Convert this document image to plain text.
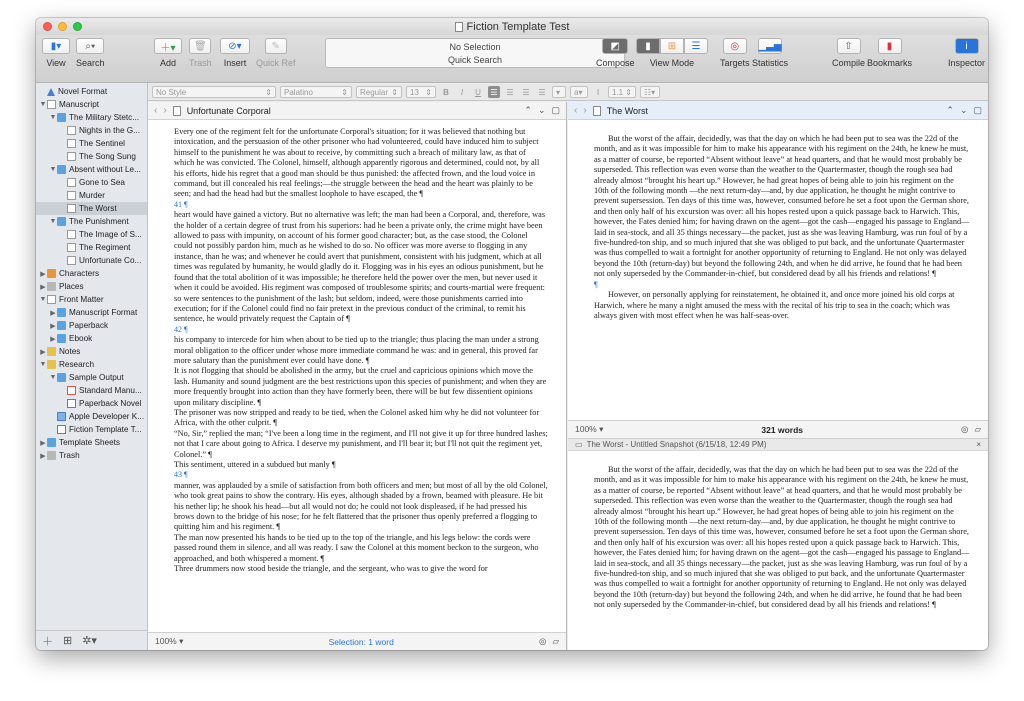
Fiction Template Test
▮▾
View
⌕▾
Search
＋▾
Add
🗑
Trash
⊘▾
Insert
✎
Quick Ref
No Selection
Quick Search
◩
Compose
▮ ⊞ ☰
View Mode
◎
Targets
▁▃▅
Statistics
⇧
Compile
▮
Bookmarks
i
Inspector
No Style	⇕ Palatino	⇕ Regular ⇕ 13 ⇕	B	I	U	☰ ☰ ☰ ☰ ▾ a▾	Ⅰ	1.1 ⇕ ☷▾
Novel Format
▼ Manuscript
▼ The Military Stetc...
Nights in the G...
The Sentinel
The Song Sung
▼ Absent without Le...
Gone to Sea
Murder
The Worst
▼ The Punishment
The Image of S...
The Regiment
Unfortunate Co...
▶ Characters
▶ Places
▼ Front Matter
▶ Manuscript Format
▶ Paperback
▶ Ebook
▶ Notes
▼ Research
▼ Sample Output
Standard Manu...
Paperback Novel
Apple Developer K...
Fiction Template T...
▶ Template Sheets
▶ Trash
＋ ⊞ ✲▾
‹ › Unfortunate Corporal	⌃ ⌄ ▢

Every one of the regiment felt for the unfortunate Corporal's situation; for it was believed that nothing but intoxication, and the persuasion of the other prisoner who had volunteered, could have induced him to subject himself to the punishment he was about to receive, by committing such a breach of military law, as that of which he was convicted. The Colonel, himself, although apparently rigorous and determined, could not, by all his efforts, hide his regret that a good man should be thus punished: the affected frown, and the loud voice in command, but ill concealed his real feelings;—the struggle between the head and the heart was plainly to be seen; and had the head had but the smallest loophole to have escaped, the ¶

41 ¶

heart would have gained a victory. But no alternative was left; the man had been a Corporal, and, therefore, was the holder of a certain degree of trust from his superiors: had he been a private only, the crime might have been allowed to pass with impunity, on account of his former good character; but, as the case stood, the Colonel could not possibly pardon him, much as he wished to do so. No officer was more averse to flogging in any instance, than he was; and whenever he could avert that punishment, consistent with his judgment, which at all times was regulated by humanity, he would gladly do it. Flogging was in his eyes an odious punishment, but he found that the total abolition of it was impossible; he therefore held the power over the men, but never used it when it could be avoided. His regiment was composed of troublesome spirits; and courts-martial were frequent: so were sentences to the punishment of the lash; but seldom, indeed, were those punishments carried into execution; for if the Colonel could find no fair pretext in the previous conduct of the criminal, to remit his sentence, he would privately request the Captain of ¶

42 ¶

his company to intercede for him when about to be tied up to the triangle; thus placing the man under a strong moral obligation to the officer under whose more immediate command he was: and in general, this proved far more salutary than the punishment ever could have done. ¶

It is not flogging that should be abolished in the army, but the cruel and capricious opinions which move the lash. Humanity and sound judgment are the best restrictions upon this species of punishment; and when they are more frequently brought into action than they have formerly been, there will be but few dissentient opinions upon military discipline. ¶

The prisoner was now stripped and ready to be tied, when the Colonel asked him why he did not volunteer for Africa, with the other culprit. ¶

“No, Sir,” replied the man; “I've been a long time in the regiment, and I'll not give it up for three hundred lashes; not that I care about going to Africa. I deserve my punishment, and I'll bear it; but I'll not quit the regiment yet, Colonel.” ¶

This sentiment, uttered in a subdued but manly ¶

43 ¶

manner, was applauded by a smile of satisfaction from both officers and men; but most of all by the old Colonel, who took great pains to show the contrary. His eyes, although shaded by a frown, beamed with pleasure. He bit his nether lip; he shook his head—but all would not do; he could not look displeased, if he had pressed his brows down to the bridge of his nose; for he felt flattered that the prisoner thus openly preferred a flogging to quitting him and his regiment. ¶

The man now presented his hands to be tied up to the top of the triangle, and his legs below: the cords were passed round them in silence, and all was ready. I saw the Colonel at this moment beckon to the surgeon, who approached, and both whispered a moment. ¶

Three drummers now stood beside the triangle, and the sergeant, who was to give the word for

100% ▾	Selection: 1 word	◎ ▱
‹ › The Worst	⌃ ⌄ ▢

But the worst of the affair, decidedly, was that the day on which he had been put to sea was the 22d of the month, and as it was impossible for him to make his appearance with his regiment on the 24th, he knew he must, as a matter of course, be reported “Absent without leave” at head quarters, and that he would most probably be superseded. This reflection was even worse than the weather to the Quartermaster, though the rough sea had already almost “brought his heart up.” However, he had great hopes of being able to join his regiment on the 10th of the following month —the next return-day—and, by due application, he thought he might contrive to prevent supersession. Ten days of this time was, however, consumed before he set a foot upon the German shore, and then only half of his excursion was over: all his hopes rested upon a quick passage back to Harwich. This, however, the Fates denied him; for having drawn on the agent—got the cash—engaged his passage to England—laid in sea-stock, and all 35 things necessary—the packet, just as she was leaving Hamburg, was run foul of by a five-hundred-ton ship, and so much injured that she was obliged to put back, and the unfortunate Quartermaster was thus compelled to wait a fortnight for another opportunity of returning to England. He not only was delayed beyond the 10th (return-day) but beyond the following 24th, and when he did arrive, he found that he had been not only superseded by the Commander-in-chief, but considered dead by all his friends and relations! ¶

¶

However, on personally applying for reinstatement, he obtained it, and once more joined his old corps at Harwich, where he many a night amused the mess with the recital of his trip to sea in the coach; which was always given with most effect when he was half-seas-over.

100% ▾	321 words	◎ ▱
▭ The Worst - Untitled Snapshot (6/15/18, 12:49 PM)	×

But the worst of the affair, decidedly, was that the day on which he had been put to sea was the 22d of the month, and as it was impossible for him to make his appearance with his regiment on the 24th, he knew he must, as a matter of course, be reported “Absent without leave” at head quarters, and that he would most probably be superseded. This reflection was even worse than the weather to the Quartermaster, though the rough sea had already almost “brought his heart up.” However, he had great hopes of being able to join his regiment on the 10th of the following month —the next return-day—and, by due application, he thought he might contrive to prevent supersession. Ten days of this time was, however, consumed before he set a foot upon the German shore, and then only half of his excursion was over: all his hopes rested upon a quick passage back to Harwich. This, however, the Fates denied him; for having drawn on the agent—got the cash—engaged his passage to England—laid in sea-stock, and all 35 things necessary—the packet, just as she was leaving Hamburg, was run foul of by a five-hundred-ton ship, and so much injured that she was obliged to put back, and the unfortunate Quartermaster was thus compelled to wait a fortnight for another opportunity of returning to England. He not only was delayed beyond the 10th (return-day) but beyond the following 24th, and when he did arrive, he found that he had been not only superseded by the Commander-in-chief, but considered dead by all his friends and relations! ¶
